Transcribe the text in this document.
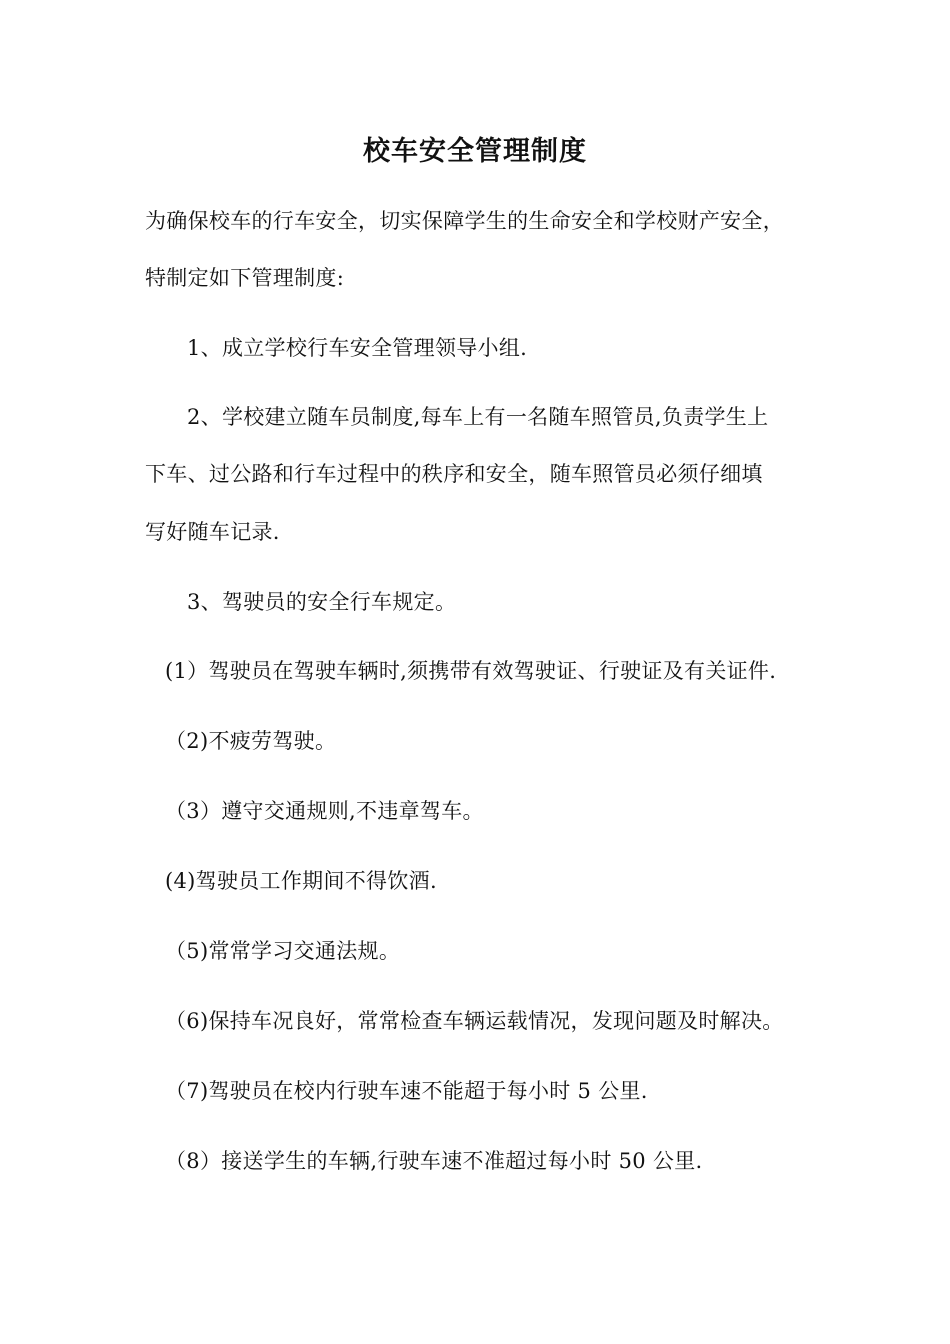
校车安全管理制度
为确保校车的行车安全，切实保障学生的生命安全和学校财产安全，
特制定如下管理制度:
1、成立学校行车安全管理领导小组.
2、学校建立随车员制度,每车上有一名随车照管员,负责学生上
下车、过公路和行车过程中的秩序和安全，随车照管员必须仔细填
写好随车记录.
3、驾驶员的安全行车规定。
(1）驾驶员在驾驶车辆时,须携带有效驾驶证、行驶证及有关证件.
（2)不疲劳驾驶。
（3）遵守交通规则,不违章驾车。
(4)驾驶员工作期间不得饮酒.
（5)常常学习交通法规。
（6)保持车况良好，常常检查车辆运载情况，发现问题及时解决。
（7)驾驶员在校内行驶车速不能超于每小时 5 公里.
（8）接送学生的车辆,行驶车速不准超过每小时 50 公里.
